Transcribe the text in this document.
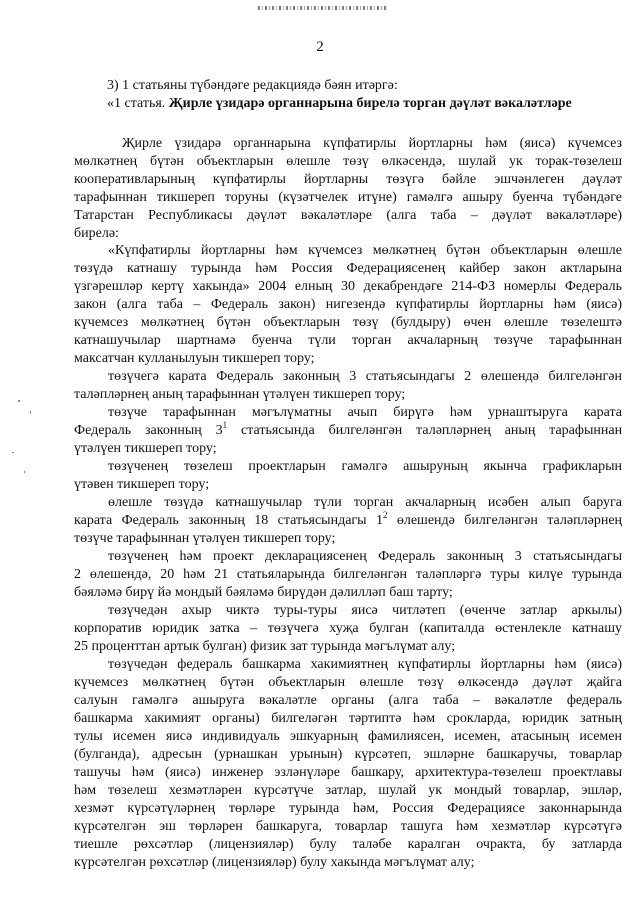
2
3) 1 статьяны түбәндәге редакциядә бәян итәргә:
«1 статья. Җирле үзидарә органнарына бирелә торган дәүләт вәкаләтләре
Җирле үзидарә органнарына күпфатирлы йортларны һәм (яисә) күчемсез
мөлкәтнең бүтән объектларын өлешле төзү өлкәсендә, шулай ук торак-төзелеш
кооперативларының күпфатирлы йортларны төзүгә бәйле эшчәнлеген дәүләт
тарафыннан тикшереп торуны (күзәтчелек итүне) гамәлгә ашыру буенча түбәндәге
Татарстан Республикасы дәүләт вәкаләтләре (алга таба – дәүләт вәкаләтләре)
бирелә:
«Күпфатирлы йортларны һәм күчемсез мөлкәтнең бүтән объектларын өлешле
төзүдә катнашу турында һәм Россия Федерациясенең кайбер закон актларына
үзгәрешләр кертү хакында» 2004 елның 30 декабрендәге 214-ФЗ номерлы Федераль
закон (алга таба – Федераль закон) нигезендә күпфатирлы йортларны һәм (яисә)
күчемсез мөлкәтнең бүтән объектларын төзү (булдыру) өчен өлешле төзелештә
катнашучылар шартнамә буенча түли торган акчаларның төзүче тарафыннан
максатчан кулланылуын тикшереп тору;
төзүчегә карата Федераль законның 3 статьясындагы 2 өлешендә билгеләнгән
таләпләрнең аның тарафыннан үтәлүен тикшереп тору;
төзүче тарафыннан мәгълүматны ачып бирүгә һәм урнаштыруга карата
Федераль законның $3^1$ статьясында билгеләнгән таләпләрнең аның тарафыннан
үтәлүен тикшереп тору;
төзүченең төзелеш проектларын гамәлгә ашыруның якынча графикларын
үтәвен тикшереп тору;
өлешле төзүдә катнашучылар түли торган акчаларның исәбен алып баруга
карата Федераль законның 18 статьясындагы $1^2$ өлешендә билгеләнгән таләпләрнең
төзүче тарафыннан үтәлүен тикшереп тору;
төзүченең һәм проект декларациясенең Федераль законның 3 статьясындагы
2 өлешендә, 20 һәм 21 статьяларында билгеләнгән таләпләргә туры килүе турында
бәяләмә бирү йә мондый бәяләмә бирүдән дәлилләп баш тарту;
төзүчедән ахыр чиктә туры-туры яисә читләтеп (өченче затлар аркылы)
корпоратив юридик затка – төзүчегә хуҗа булган (капиталда өстенлекле катнашу
25 проценттан артык булган) физик зат турында мәгълүмат алу;
төзүчедән федераль башкарма хакимиятнең күпфатирлы йортларны һәм (яисә)
күчемсез мөлкәтнең бүтән объектларын өлешле төзү өлкәсендә дәүләт җайга
салуын гамәлгә ашыруга вәкаләтле органы (алга таба – вәкаләтле федераль
башкарма хакимият органы) билгеләгән тәртиптә һәм срокларда, юридик затның
тулы исемен яисә индивидуаль эшкуарның фамилиясен, исемен, атасының исемен
(булганда), адресын (урнашкан урынын) күрсәтеп, эшләрне башкаручы, товарлар
ташучы һәм (яисә) инженер эзләнүләре башкару, архитектура-төзелеш проектлавы
һәм төзелеш хезмәтләрен күрсәтүче затлар, шулай ук мондый товарлар, эшләр,
хезмәт күрсәтүләрнең төрләре турында һәм, Россия Федерациясе законнарында
күрсәтелгән эш төрләрен башкаруга, товарлар ташуга һәм хезмәтләр күрсәтүгә
тиешле рөхсәтләр (лицензияләр) булу таләбе каралган очракта, бу затларда
күрсәтелгән рөхсәтләр (лицензияләр) булу хакында мәгълүмат алу;
